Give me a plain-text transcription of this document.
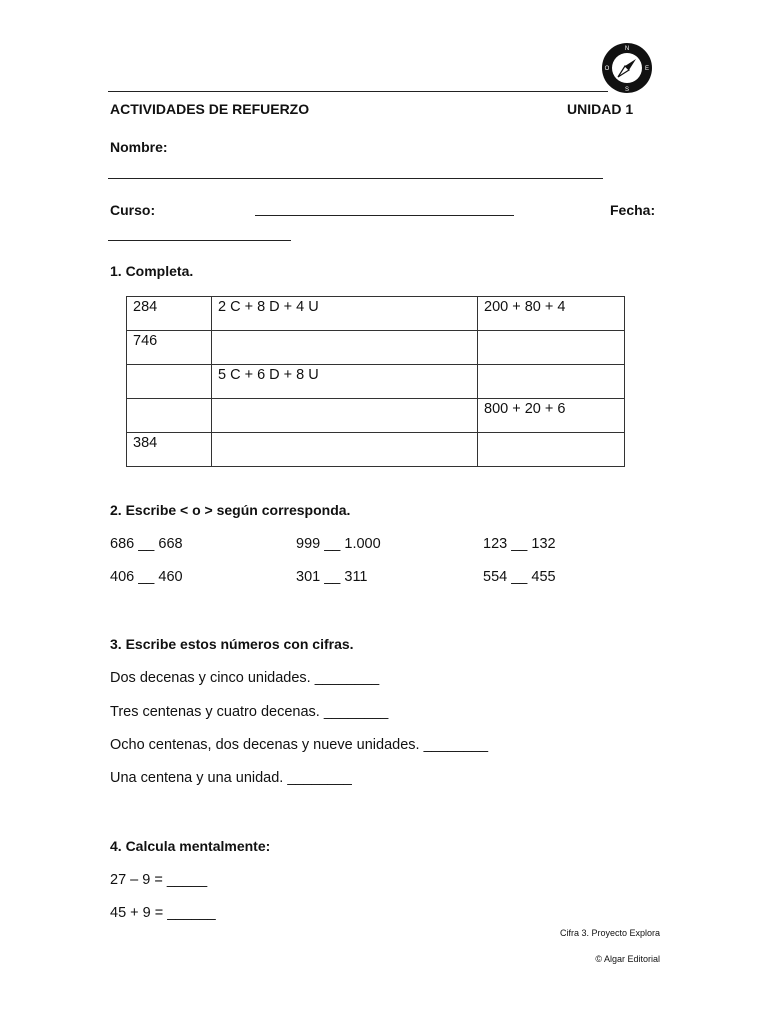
N
E
S
O
ACTIVIDADES DE REFUERZO	UNIDAD 1
Nombre:
Curso:	Fecha:
1. Completa.
284	2 C + 8 D + 4 U	200 + 80 + 4

746		

	5 C + 6 D + 8 U	

		800 + 20 + 6

384		

2. Escribe < o > según corresponda.
686 __ 668	999 __ 1.000	123 __ 132
406 __ 460	301 __ 311	554 __ 455
3. Escribe estos números con cifras.
Dos decenas y cinco unidades. ________
Tres centenas y cuatro decenas. ________
Ocho centenas, dos decenas y nueve unidades. ________
Una centena y una unidad. ________
4. Calcula mentalmente:
27 – 9 = _____
45 + 9 = ______
Cifra 3. Proyecto Explora
© Algar Editorial
